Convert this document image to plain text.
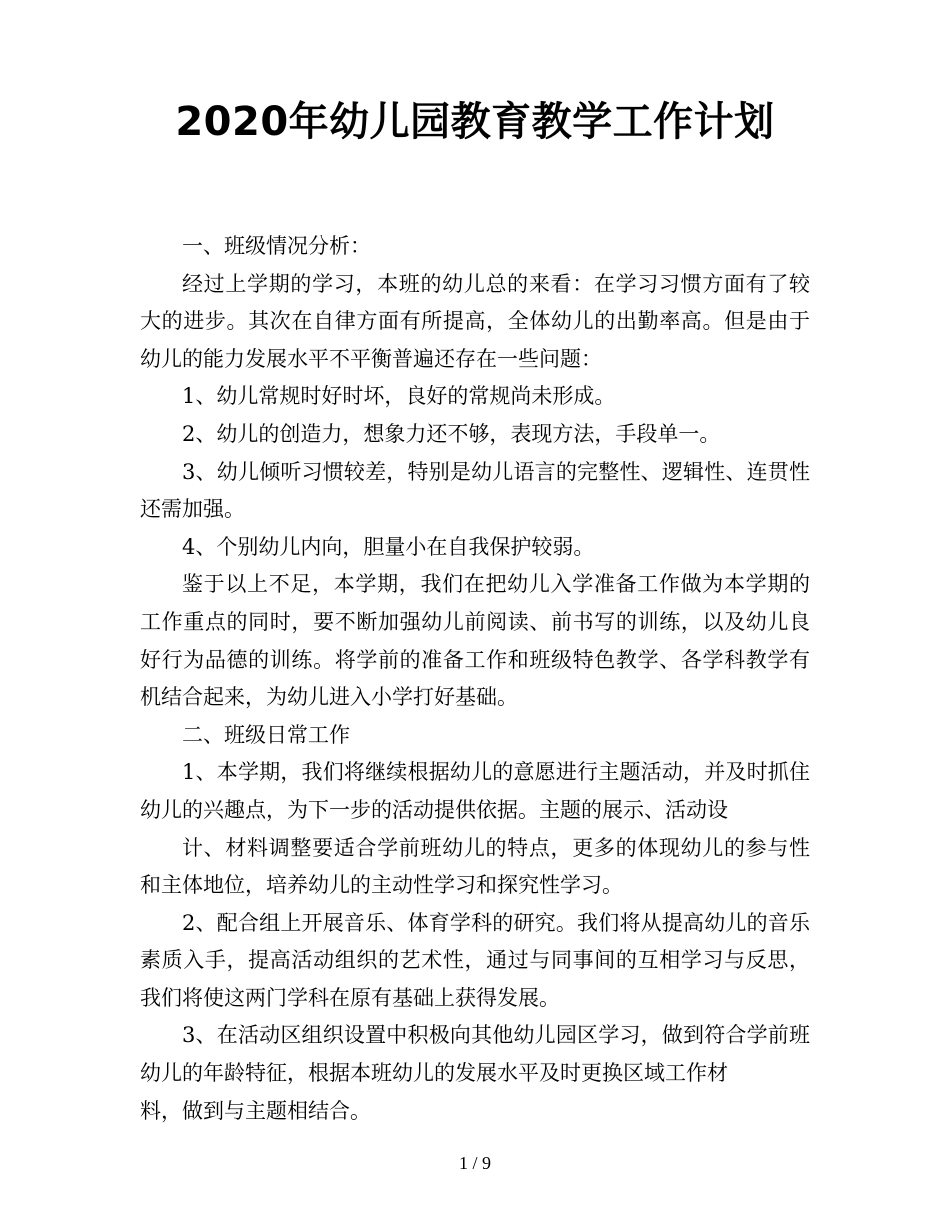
2020年幼儿园教育教学工作计划

一、班级情况分析：

经过上学期的学习，本班的幼儿总的来看：在学习习惯方面有了较大的进步。其次在自律方面有所提高，全体幼儿的出勤率高。但是由于幼儿的能力发展水平不平衡普遍还存在一些问题：

1、幼儿常规时好时坏，良好的常规尚未形成。

2、幼儿的创造力，想象力还不够，表现方法，手段单一。

3、幼儿倾听习惯较差，特别是幼儿语言的完整性、逻辑性、连贯性还需加强。

4、个别幼儿内向，胆量小在自我保护较弱。

鉴于以上不足，本学期，我们在把幼儿入学准备工作做为本学期的工作重点的同时，要不断加强幼儿前阅读、前书写的训练，以及幼儿良好行为品德的训练。将学前的准备工作和班级特色教学、各学科教学有机结合起来，为幼儿进入小学打好基础。

二、班级日常工作

1、本学期，我们将继续根据幼儿的意愿进行主题活动，并及时抓住幼儿的兴趣点，为下一步的活动提供依据。主题的展示、活动设

计、材料调整要适合学前班幼儿的特点，更多的体现幼儿的参与性和主体地位，培养幼儿的主动性学习和探究性学习。

2、配合组上开展音乐、体育学科的研究。我们将从提高幼儿的音乐素质入手，提高活动组织的艺术性，通过与同事间的互相学习与反思，我们将使这两门学科在原有基础上获得发展。

3、在活动区组织设置中积极向其他幼儿园区学习，做到符合学前班幼儿的年龄特征，根据本班幼儿的发展水平及时更换区域工作材

料，做到与主题相结合。

1 / 9
